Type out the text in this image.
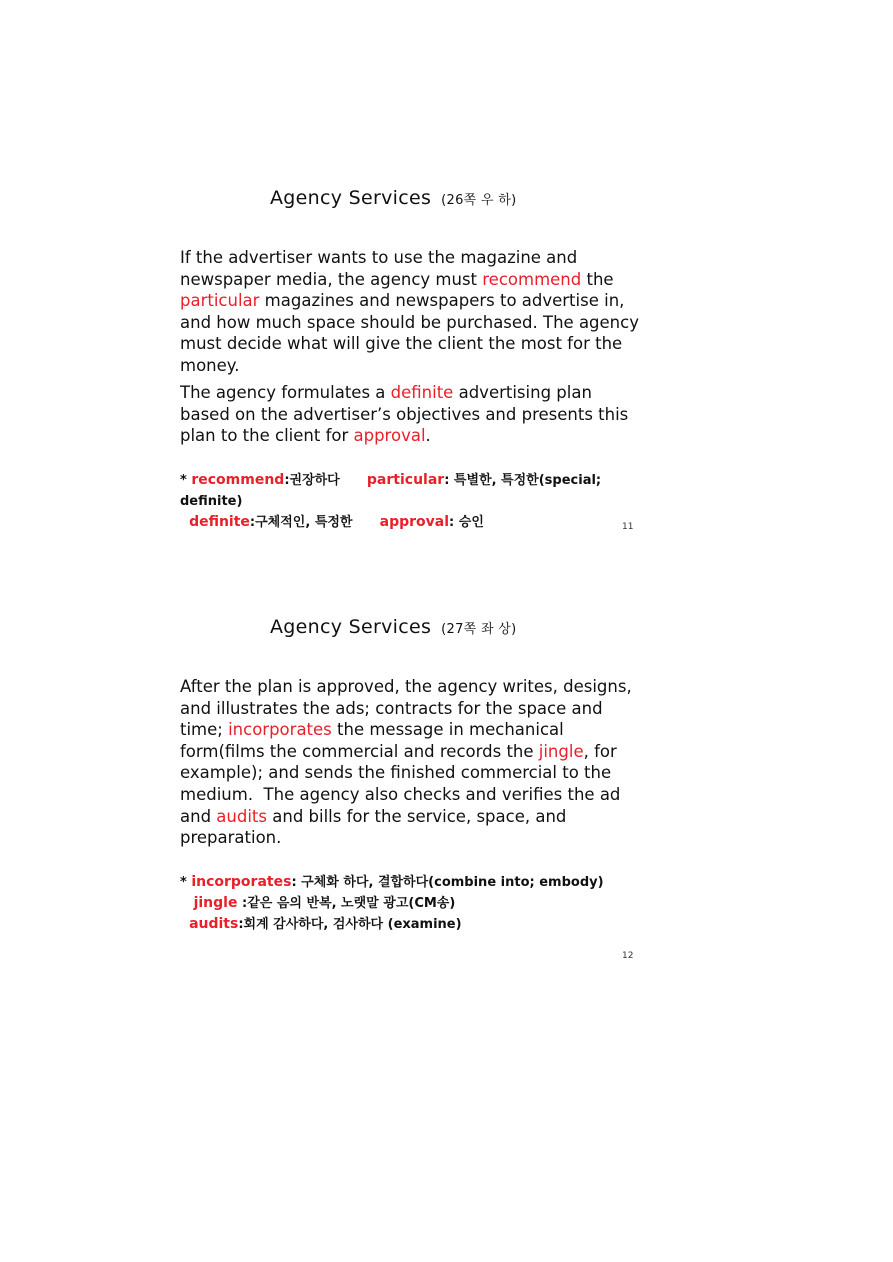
Agency Services (26쪽 우 하)

If the advertiser wants to use the magazine and newspaper media, the agency must recommend the particular magazines and newspapers to advertise in, and how much space should be purchased. The agency must decide what will give the client the most for the money.

The agency formulates a definite advertising plan based on the advertiser’s objectives and presents this plan to the client for approval.

* recommend:권장하다 particular: 특별한, 특정한(special; definite)
definite:구체적인, 특정한 approval: 승인	11
Agency Services (27쪽 좌 상)

After the plan is approved, the agency writes, designs, and illustrates the ads; contracts for the space and time; incorporates the message in mechanical form(films the commercial and records the jingle, for example); and sends the finished commercial to the medium.  The agency also checks and verifies the ad and audits and bills for the service, space, and preparation.

* incorporates: 구체화 하다, 결합하다(combine into; embody)
jingle :같은 음의 반복, 노랫말 광고(CM송)
audits:회계 감사하다, 검사하다 (examine)
12
